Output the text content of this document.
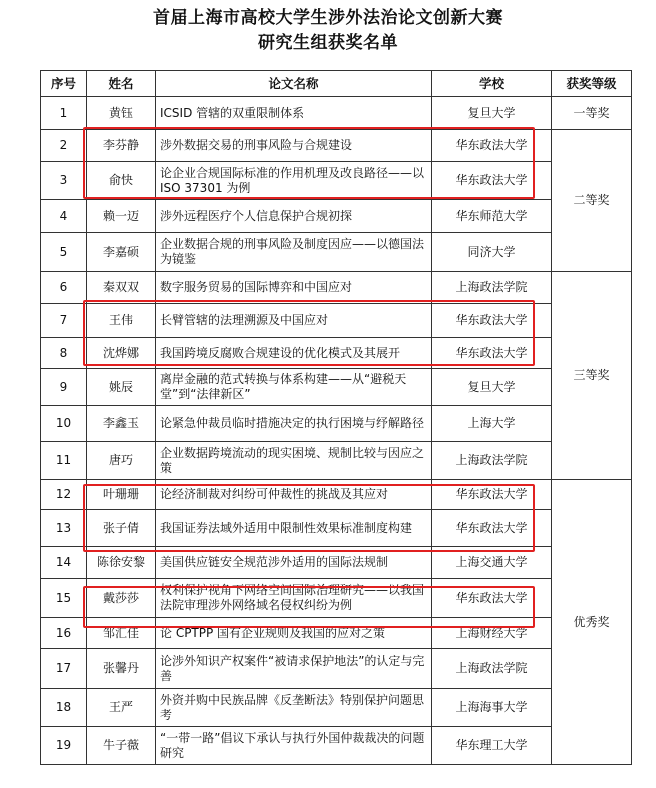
首届上海市高校大学生涉外法治论文创新大赛
研究生组获奖名单
序号	姓名	论文名称	学校	获奖等级
1	黄钰	ICSID 管辖的双重限制体系	复旦大学	一等奖
2	李芬静	涉外数据交易的刑事风险与合规建设	华东政法大学	二等奖
3	俞快	论企业合规国际标准的作用机理及改良路径——以 ISO 37301 为例	华东政法大学	
4	赖一迈	涉外远程医疗个人信息保护合规初探	华东师范大学	
5	李嘉硕	企业数据合规的刑事风险及制度因应——以德国法为镜鉴	同济大学	
6	秦双双	数字服务贸易的国际博弈和中国应对	上海政法学院	三等奖
7	王伟	长臂管辖的法理溯源及中国应对	华东政法大学	
8	沈烨娜	我国跨境反腐败合规建设的优化模式及其展开	华东政法大学	
9	姚辰	离岸金融的范式转换与体系构建——从“避税天堂”到“法律新区”	复旦大学	
10	李鑫玉	论紧急仲裁员临时措施决定的执行困境与纾解路径	上海大学	
11	唐巧	企业数据跨境流动的现实困境、规制比较与因应之策	上海政法学院	
12	叶珊珊	论经济制裁对纠纷可仲裁性的挑战及其应对	华东政法大学	优秀奖
13	张子倩	我国证券法域外适用中限制性效果标准制度构建	华东政法大学	
14	陈徐安黎	美国供应链安全规范涉外适用的国际法规制	上海交通大学	
15	戴莎莎	权利保护视角下网络空间国际治理研究——以我国法院审理涉外网络域名侵权纠纷为例	华东政法大学	
16	邹汇佳	论 CPTPP 国有企业规则及我国的应对之策	上海财经大学	
17	张馨丹	论涉外知识产权案件“被请求保护地法”的认定与完善	上海政法学院	
18	王严	外资并购中民族品牌《反垄断法》特别保护问题思考	上海海事大学	
19	牛子薇	“一带一路”倡议下承认与执行外国仲裁裁决的问题研究	华东理工大学	
